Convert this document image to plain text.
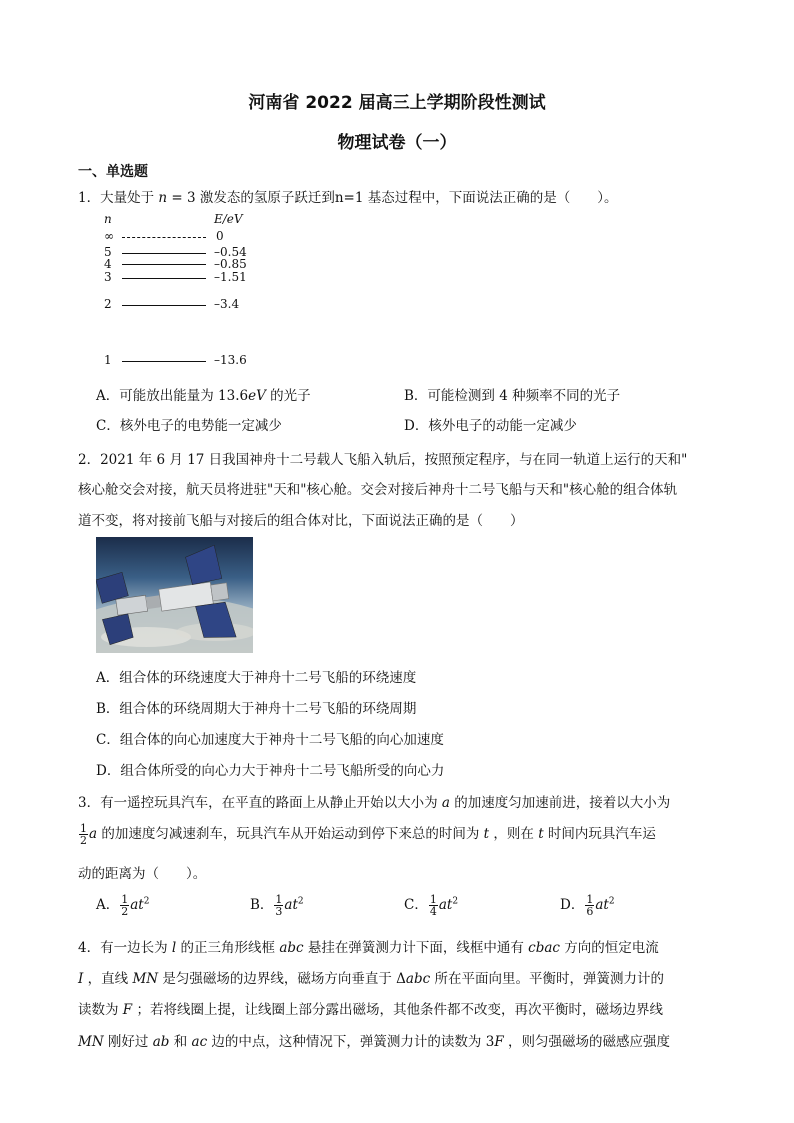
河南省 2022 届高三上学期阶段性测试
物理试卷（一）
一、单选题
1．大量处于 n = 3 激发态的氢原子跃迁到n=1 基态过程中，下面说法正确的是（　　）。
n	E/eV
∞	0
5	–0.54
4	–0.85
3	–1.51
2	–3.4
1	–13.6
A．可能放出能量为 13.6eV 的光子	B．可能检测到 4 种频率不同的光子
C．核外电子的电势能一定减少	D．核外电子的动能一定减少
2．2021 年 6 月 17 日我国神舟十二号载人飞船入轨后，按照预定程序，与在同一轨道上运行的天和"
核心舱交会对接，航天员将进驻"天和"核心舱。交会对接后神舟十二号飞船与天和"核心舱的组合体轨
道不变，将对接前飞船与对接后的组合体对比，下面说法正确的是（　　）
A．组合体的环绕速度大于神舟十二号飞船的环绕速度
B．组合体的环绕周期大于神舟十二号飞船的环绕周期
C．组合体的向心加速度大于神舟十二号飞船的向心加速度
D．组合体所受的向心力大于神舟十二号飞船所受的向心力
3．有一遥控玩具汽车，在平直的路面上从静止开始以大小为 a 的加速度匀加速前进，接着以大小为
$\frac{1}{2}$ a 的加速度匀减速刹车，玩具汽车从开始运动到停下来总的时间为 t ，则在 t 时间内玩具汽车运
动的距离为（　　）。
A． $\frac{1}{2} at^2$	B． $\frac{1}{3} at^2$	C． $\frac{1}{4} at^2$	D． $\frac{1}{6} at^2$
4．有一边长为 l 的正三角形线框 abc 悬挂在弹簧测力计下面，线框中通有 cbac 方向的恒定电流
I ，直线 MN 是匀强磁场的边界线，磁场方向垂直于 Δabc 所在平面向里。平衡时，弹簧测力计的
读数为 F ；若将线圈上提，让线圈上部分露出磁场，其他条件都不改变，再次平衡时，磁场边界线
MN 刚好过 ab 和 ac 边的中点，这种情况下，弹簧测力计的读数为 3F ，则匀强磁场的磁感应强度
